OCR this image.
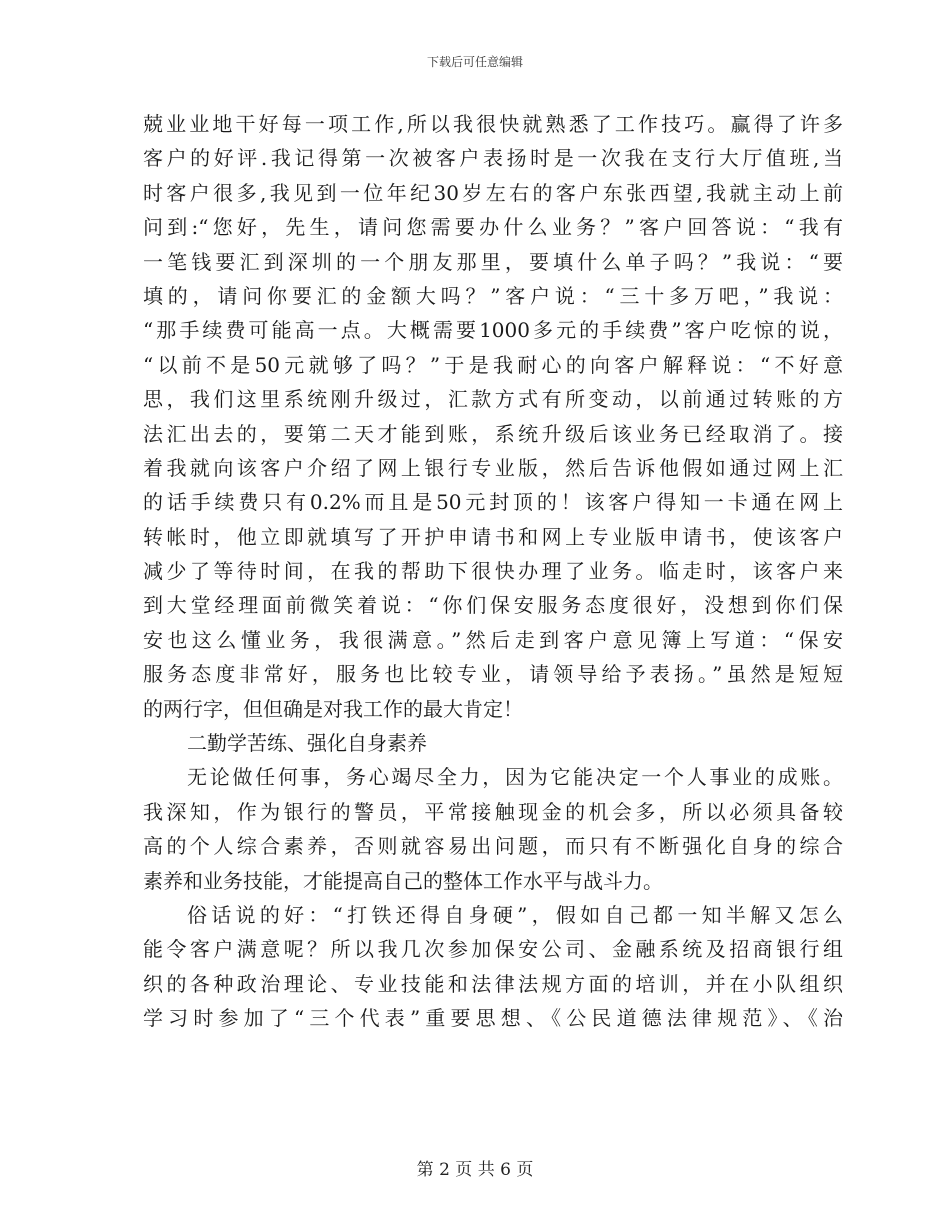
下载后可任意编辑
兢业业地干好每一项工作,所以我很快就熟悉了工作技巧。赢得了许多
客户的好评.我记得第一次被客户表扬时是一次我在支行大厅值班,当
时客户很多,我见到一位年纪30岁左右的客户东张西望,我就主动上前
问到:“您好，先生，请问您需要办什么业务？”客户回答说：“我有
一笔钱要汇到深圳的一个朋友那里，要填什么单子吗？”我说：“要
填的，请问你要汇的金额大吗？”客户说：“三十多万吧，”我说：
“那手续费可能高一点。大概需要1000多元的手续费”客户吃惊的说，
“以前不是50元就够了吗？”于是我耐心的向客户解释说：“不好意
思，我们这里系统刚升级过，汇款方式有所变动，以前通过转账的方
法汇出去的，要第二天才能到账，系统升级后该业务已经取消了。接
着我就向该客户介绍了网上银行专业版，然后告诉他假如通过网上汇
的话手续费只有0.2%而且是50元封顶的！该客户得知一卡通在网上
转帐时，他立即就填写了开护申请书和网上专业版申请书，使该客户
减少了等待时间，在我的帮助下很快办理了业务。临走时，该客户来
到大堂经理面前微笑着说：“你们保安服务态度很好，没想到你们保
安也这么懂业务，我很满意。”然后走到客户意见簿上写道：“保安
服务态度非常好，服务也比较专业，请领导给予表扬。”虽然是短短
的两行字，但但确是对我工作的最大肯定！
二勤学苦练、强化自身素养
无论做任何事，务心竭尽全力，因为它能决定一个人事业的成账。
我深知，作为银行的警员，平常接触现金的机会多，所以必须具备较
高的个人综合素养，否则就容易出问题，而只有不断强化自身的综合
素养和业务技能，才能提高自己的整体工作水平与战斗力。
俗话说的好：“打铁还得自身硬”，假如自己都一知半解又怎么
能令客户满意呢？所以我几次参加保安公司、金融系统及招商银行组
织的各种政治理论、专业技能和法律法规方面的培训，并在小队组织
学习时参加了“三个代表”重要思想、《公民道德法律规范》、《治
第 2 页 共 6 页
